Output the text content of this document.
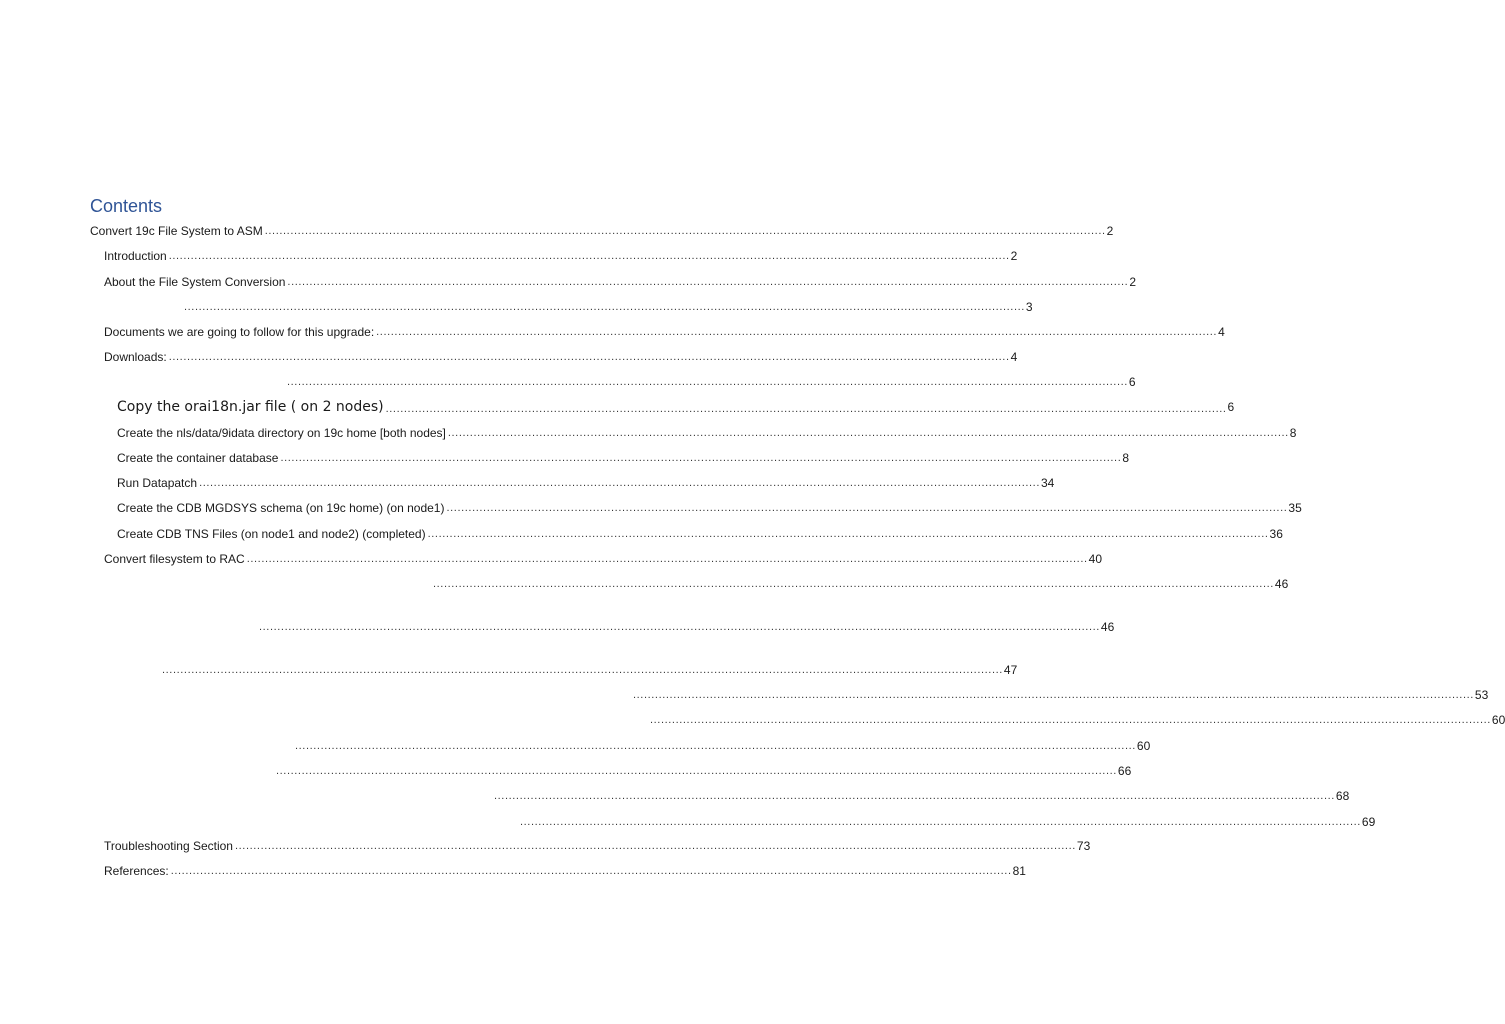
Contents
Convert 19c File System to ASM ...................................................................................................................................................................................................................................... 2
Introduction ...................................................................................................................................................................................................................................... 2
About the File System Conversion ...................................................................................................................................................................................................................................... 2
...................................................................................................................................................................................................................................... 3
Documents we are going to follow for this upgrade: ...................................................................................................................................................................................................................................... 4
Downloads: ...................................................................................................................................................................................................................................... 4
...................................................................................................................................................................................................................................... 6
Copy the orai18n.jar file ( on 2 nodes) ...................................................................................................................................................................................................................................... 6
Create the nls/data/9idata directory on 19c home [both nodes] ...................................................................................................................................................................................................................................... 8
Create the container database ...................................................................................................................................................................................................................................... 8
Run Datapatch ...................................................................................................................................................................................................................................... 34
Create the CDB MGDSYS schema (on 19c home) (on node1) ...................................................................................................................................................................................................................................... 35
Create CDB TNS Files (on node1 and node2) (completed) ...................................................................................................................................................................................................................................... 36
Convert filesystem to RAC ...................................................................................................................................................................................................................................... 40
...................................................................................................................................................................................................................................... 46
...................................................................................................................................................................................................................................... 46
...................................................................................................................................................................................................................................... 47
...................................................................................................................................................................................................................................... 53
...................................................................................................................................................................................................................................... 60
...................................................................................................................................................................................................................................... 60
...................................................................................................................................................................................................................................... 66
...................................................................................................................................................................................................................................... 68
...................................................................................................................................................................................................................................... 69
Troubleshooting Section ...................................................................................................................................................................................................................................... 73
References: ...................................................................................................................................................................................................................................... 81
